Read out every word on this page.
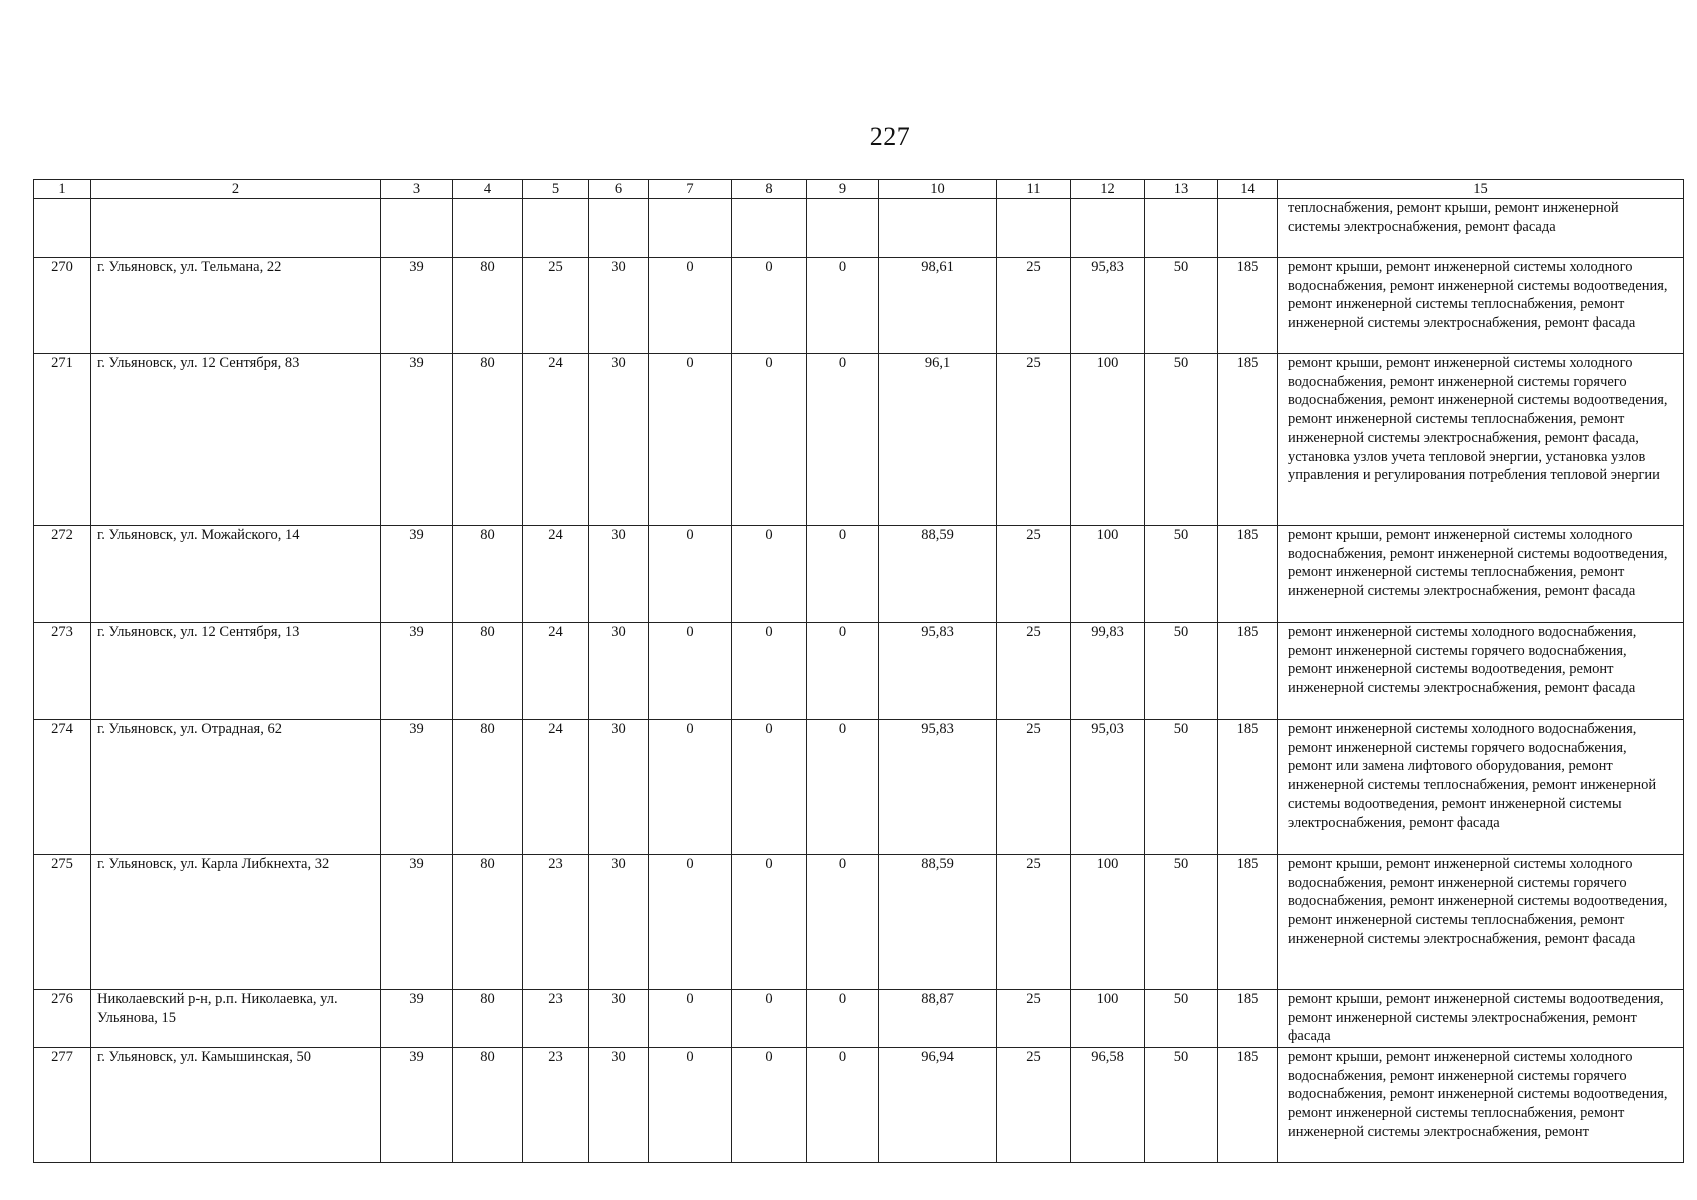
227
1	2	3	4	5	6	7	8	9	10	11	12	13	14	15
														теплоснабжения, ремонт крыши, ремонт инженерной системы электроснабжения, ремонт фасада
270	г. Ульяновск, ул. Тельмана, 22	39	80	25	30	0	0	0	98,61	25	95,83	50	185	ремонт крыши, ремонт инженерной системы холодного водоснабжения, ремонт инженерной системы водоотведения, ремонт инженерной системы теплоснабжения, ремонт инженерной системы электроснабжения, ремонт фасада
271	г. Ульяновск, ул. 12 Сентября, 83	39	80	24	30	0	0	0	96,1	25	100	50	185	ремонт крыши, ремонт инженерной системы холодного водоснабжения, ремонт инженерной системы горячего водоснабжения, ремонт инженерной системы водоотведения, ремонт инженерной системы теплоснабжения, ремонт инженерной системы электроснабжения, ремонт фасада, установка узлов учета тепловой энергии, установка узлов управления и регулирования потребления тепловой энергии
272	г. Ульяновск, ул. Можайского, 14	39	80	24	30	0	0	0	88,59	25	100	50	185	ремонт крыши, ремонт инженерной системы холодного водоснабжения, ремонт инженерной системы водоотведения, ремонт инженерной системы теплоснабжения, ремонт инженерной системы электроснабжения, ремонт фасада
273	г. Ульяновск, ул. 12 Сентября, 13	39	80	24	30	0	0	0	95,83	25	99,83	50	185	ремонт инженерной системы холодного водоснабжения, ремонт инженерной системы горячего водоснабжения, ремонт инженерной системы водоотведения, ремонт инженерной системы электроснабжения, ремонт фасада
274	г. Ульяновск, ул. Отрадная, 62	39	80	24	30	0	0	0	95,83	25	95,03	50	185	ремонт инженерной системы холодного водоснабжения, ремонт инженерной системы горячего водоснабжения, ремонт или замена лифтового оборудования, ремонт инженерной системы теплоснабжения, ремонт инженерной системы водоотведения, ремонт инженерной системы электроснабжения, ремонт фасада
275	г. Ульяновск, ул. Карла Либкнехта, 32	39	80	23	30	0	0	0	88,59	25	100	50	185	ремонт крыши, ремонт инженерной системы холодного водоснабжения, ремонт инженерной системы горячего водоснабжения, ремонт инженерной системы водоотведения, ремонт инженерной системы теплоснабжения, ремонт инженерной системы электроснабжения, ремонт фасада
276	Николаевский р-н, р.п. Николаевка, ул. Ульянова, 15	39	80	23	30	0	0	0	88,87	25	100	50	185	ремонт крыши, ремонт инженерной системы водоотведения, ремонт инженерной системы электроснабжения, ремонт фасада
277	г. Ульяновск, ул. Камышинская, 50	39	80	23	30	0	0	0	96,94	25	96,58	50	185	ремонт крыши, ремонт инженерной системы холодного водоснабжения, ремонт инженерной системы горячего водоснабжения, ремонт инженерной системы водоотведения, ремонт инженерной системы теплоснабжения, ремонт инженерной системы электроснабжения, ремонт
